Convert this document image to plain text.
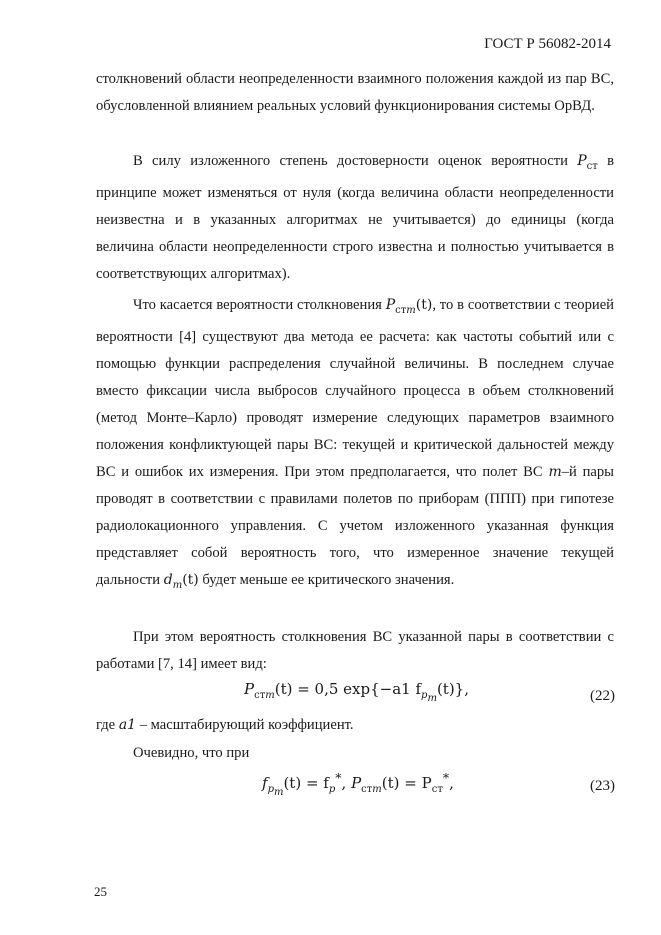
ГОСТ Р 56082-2014

столкновений области неопределенности взаимного положения каждой из пар ВС, обусловленной влиянием реальных условий функционирования системы ОрВД.

В силу изложенного степень достоверности оценок вероятности $P_{ст}$ в принципе может изменяться от нуля (когда величина области неопределенности неизвестна и в указанных алгоритмах не учитывается) до единицы (когда величина области неопределенности строго известна и полностью учитывается в соответствующих алгоритмах).

Что касается вероятности столкновения $P_{стm}(t)$, то в соответствии с теорией вероятности [4] существуют два метода ее расчета: как частоты событий или с помощью функции распределения случайной величины. В последнем случае вместо фиксации числа выбросов случайного процесса в объем столкновений (метод Монте–Карло) проводят измерение следующих параметров взаимного положения конфликтующей пары ВС: текущей и критической дальностей между ВС и ошибок их измерения. При этом предполагается, что полет ВС m–й пары проводят в соответствии с правилами полетов по приборам (ППП) при гипотезе радиолокационного управления. С учетом изложенного указанная функция представляет собой вероятность того, что измеренное значение текущей дальности $d_m(t)$ будет меньше ее критического значения.

При этом вероятность столкновения ВС указанной пары в соответствии с работами [7, 14] имеет вид:

$P_{стm}(t) = 0,5$ exp{−a1 $f_{p_m}(t)$},	(22)

где a1 – масштабирующий коэффициент.

Очевидно, что при

$f_{p_m}(t) = f_p^*$, $P_{стm}(t) = P_{ст}^*$,	(23)
25
